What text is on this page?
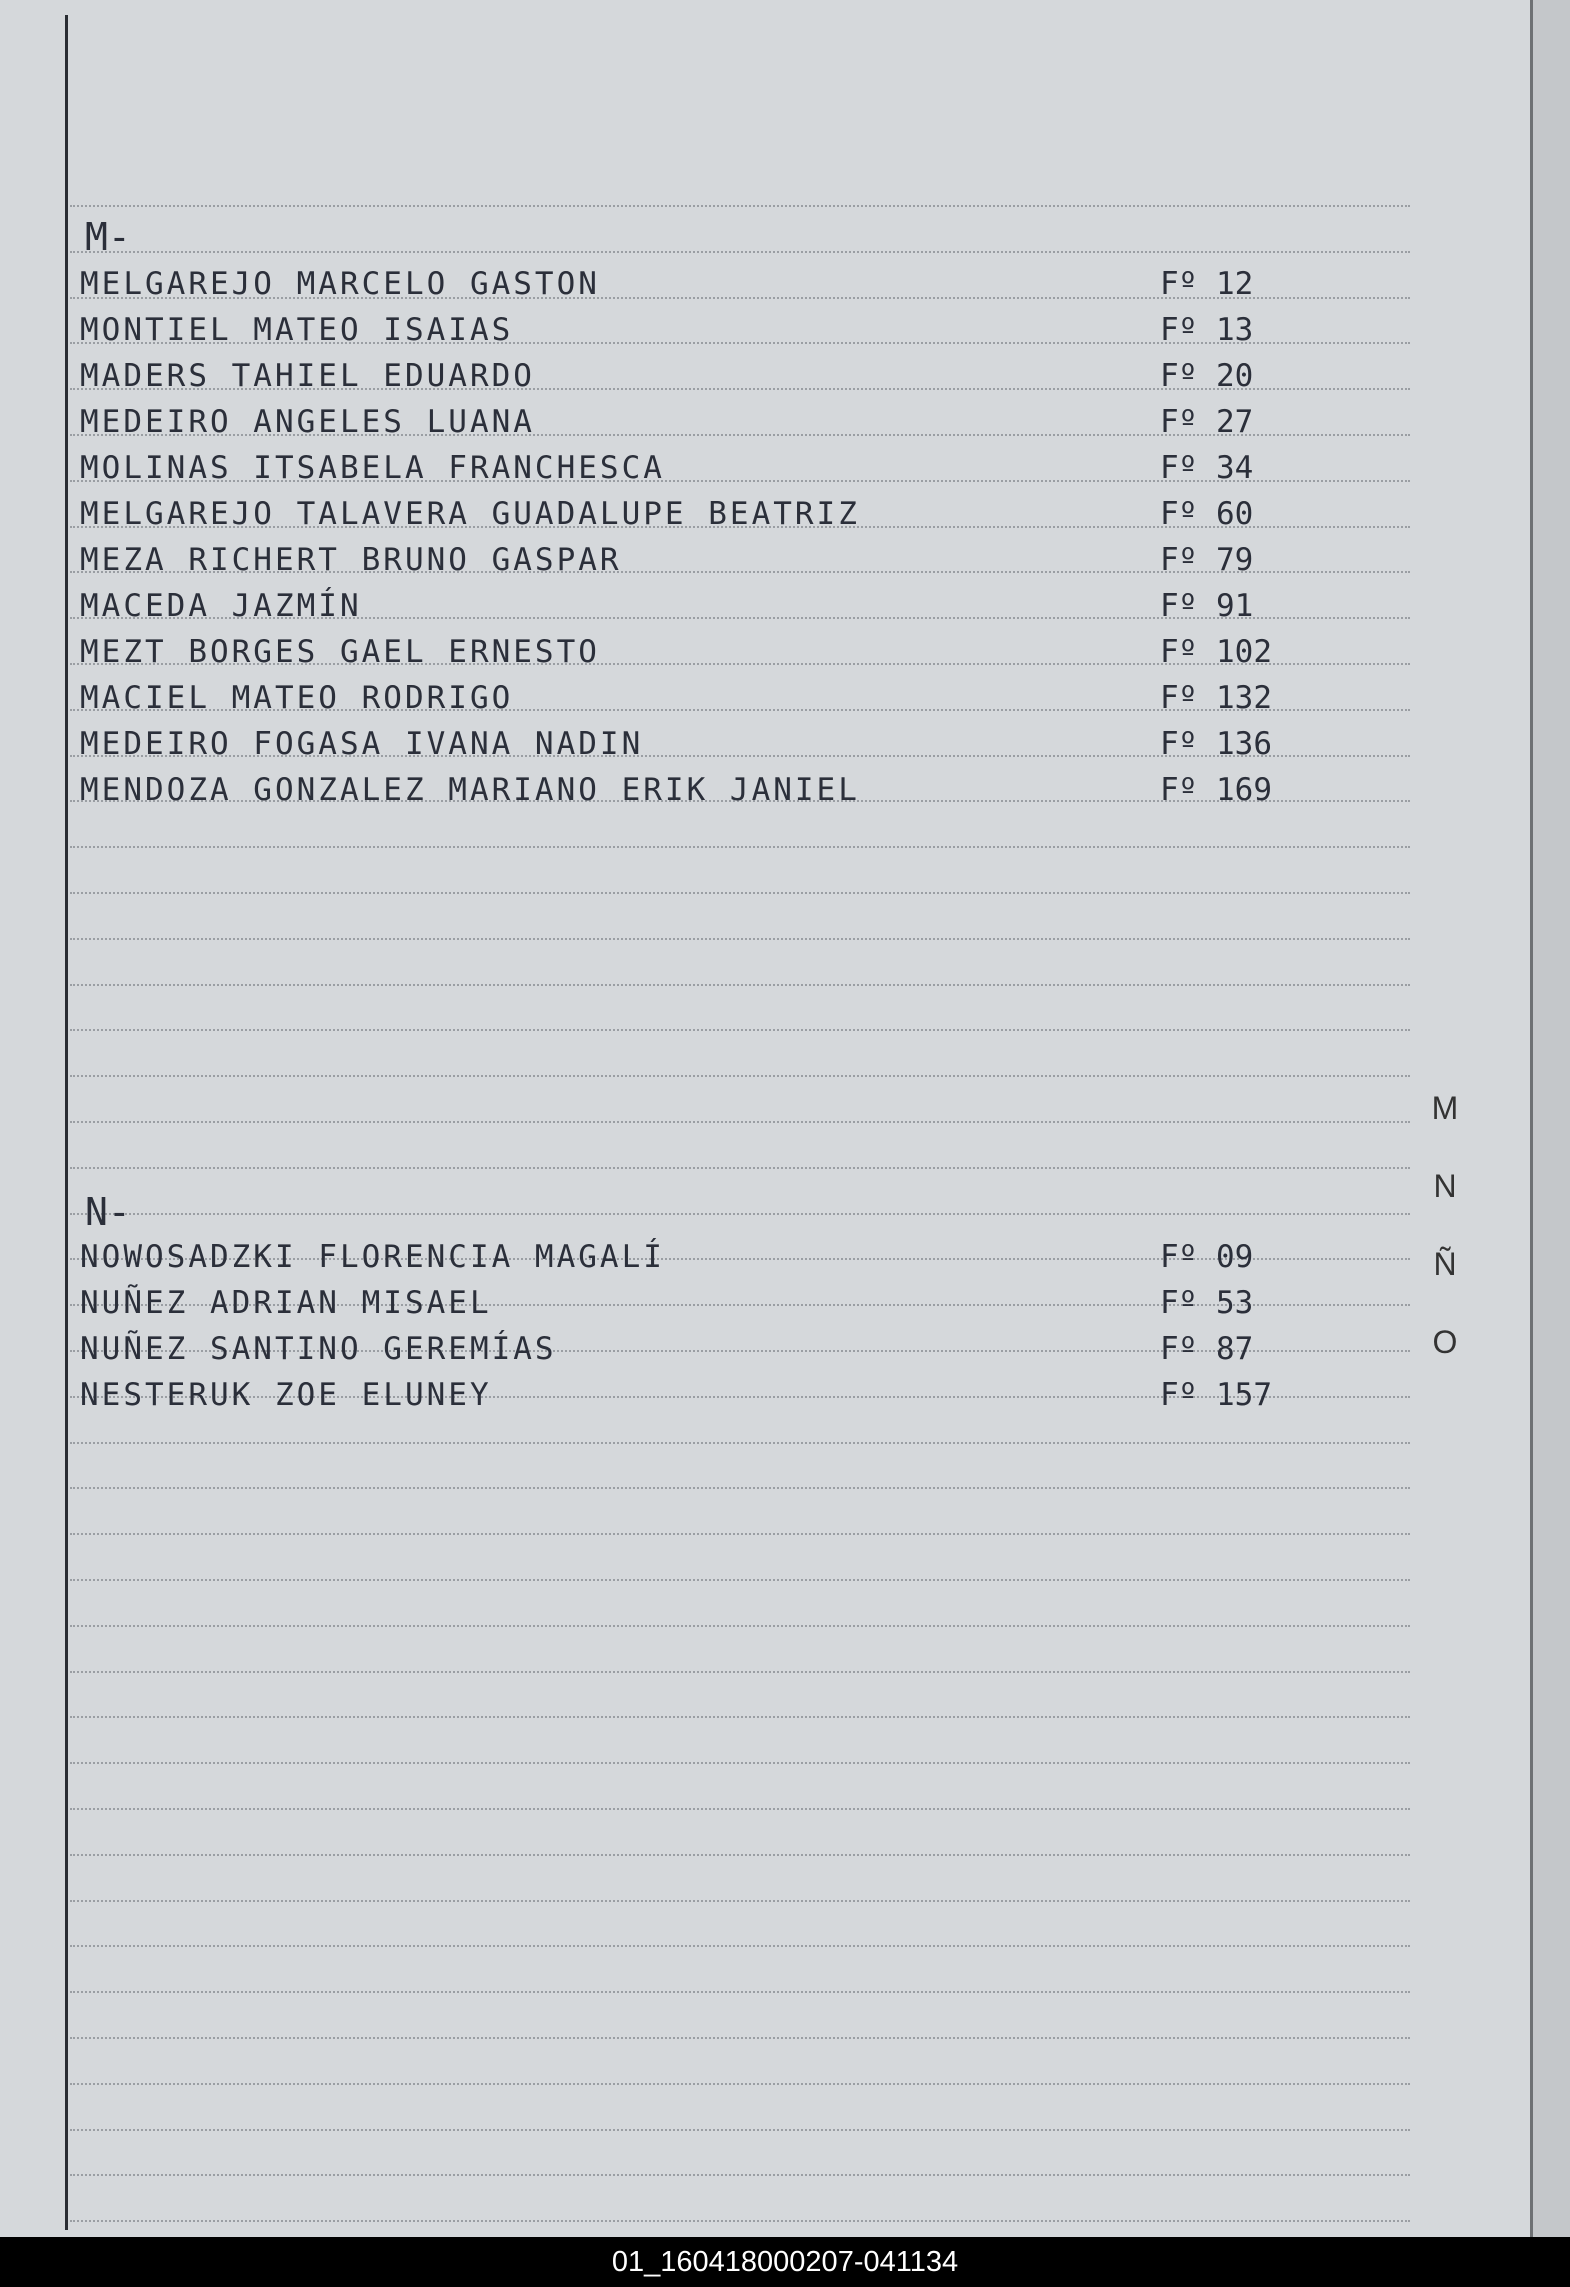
M-
MELGAREJO MARCELO GASTON	Fº 12
MONTIEL MATEO ISAIAS	Fº 13
MADERS TAHIEL EDUARDO	Fº 20
MEDEIRO ANGELES LUANA	Fº 27
MOLINAS ITSABELA FRANCHESCA	Fº 34
MELGAREJO TALAVERA GUADALUPE BEATRIZ	Fº 60
MEZA RICHERT BRUNO GASPAR	Fº 79
MACEDA JAZMÍN	Fº 91
MEZT BORGES GAEL ERNESTO	Fº 102
MACIEL MATEO RODRIGO	Fº 132
MEDEIRO FOGASA IVANA NADIN	Fº 136
MENDOZA GONZALEZ MARIANO ERIK JANIEL	Fº 169
N-
NOWOSADZKI FLORENCIA MAGALÍ	Fº 09
NUÑEZ ADRIAN MISAEL	Fº 53
NUÑEZ SANTINO GEREMÍAS	Fº 87
NESTERUK ZOE ELUNEY	Fº 157
M
N
Ñ
O
01_160418000207-041134
